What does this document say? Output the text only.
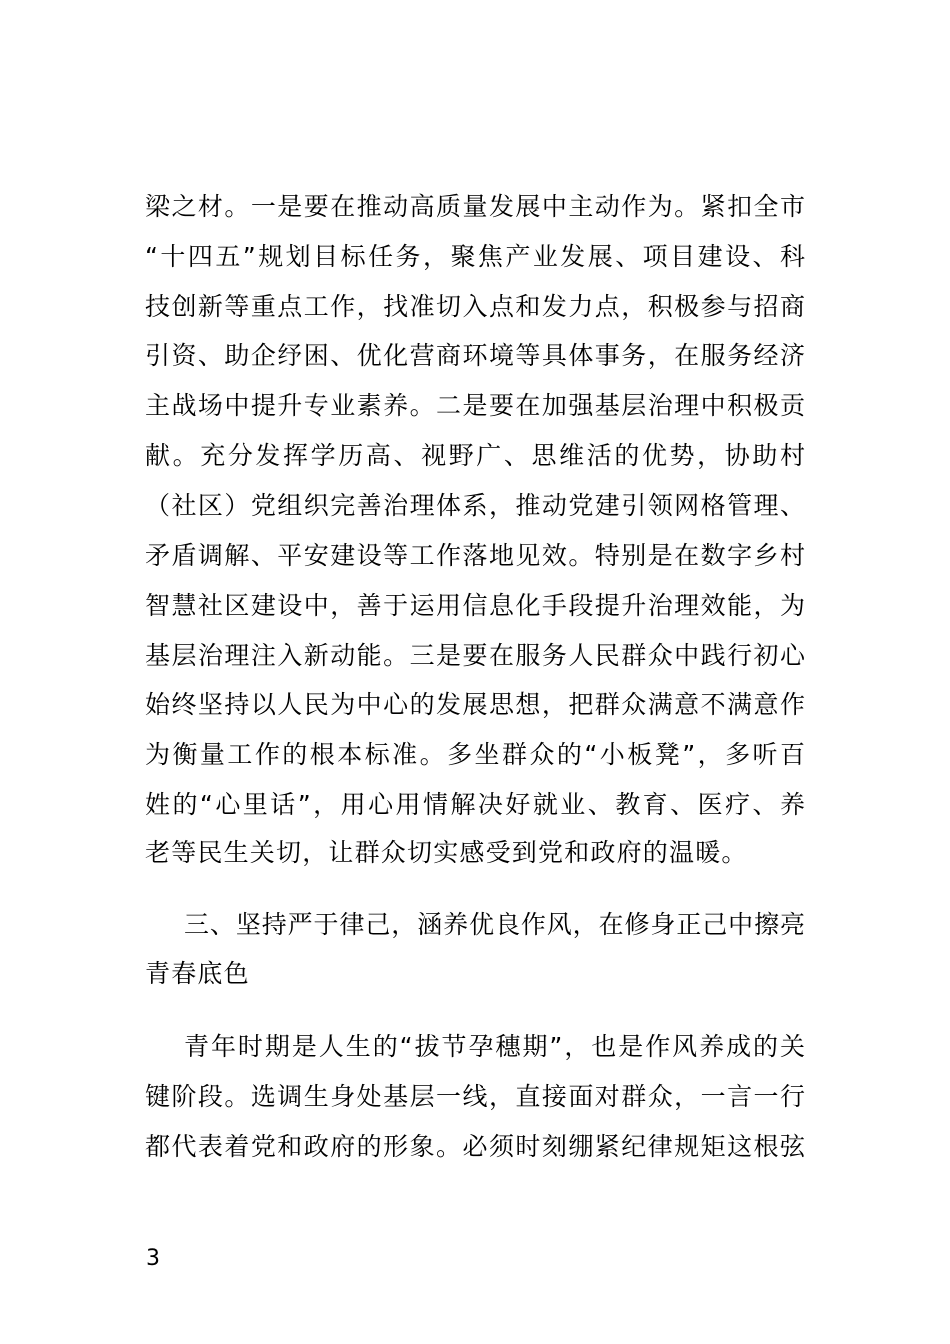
梁之材。一是要在推动高质量发展中主动作为。紧扣全市
“十四五”规划目标任务，聚焦产业发展、项目建设、科
技创新等重点工作，找准切入点和发力点，积极参与招商
引资、助企纾困、优化营商环境等具体事务，在服务经济
主战场中提升专业素养。二是要在加强基层治理中积极贡
献。充分发挥学历高、视野广、思维活的优势，协助村
（社区）党组织完善治理体系，推动党建引领网格管理、
矛盾调解、平安建设等工作落地见效。特别是在数字乡村
智慧社区建设中，善于运用信息化手段提升治理效能，为
基层治理注入新动能。三是要在服务人民群众中践行初心
始终坚持以人民为中心的发展思想，把群众满意不满意作
为衡量工作的根本标准。多坐群众的“小板凳”，多听百
姓的“心里话”，用心用情解决好就业、教育、医疗、养
老等民生关切，让群众切实感受到党和政府的温暖。
三、坚持严于律己，涵养优良作风，在修身正己中擦亮
青春底色
青年时期是人生的“拔节孕穗期”，也是作风养成的关
键阶段。选调生身处基层一线，直接面对群众，一言一行
都代表着党和政府的形象。必须时刻绷紧纪律规矩这根弦
3
